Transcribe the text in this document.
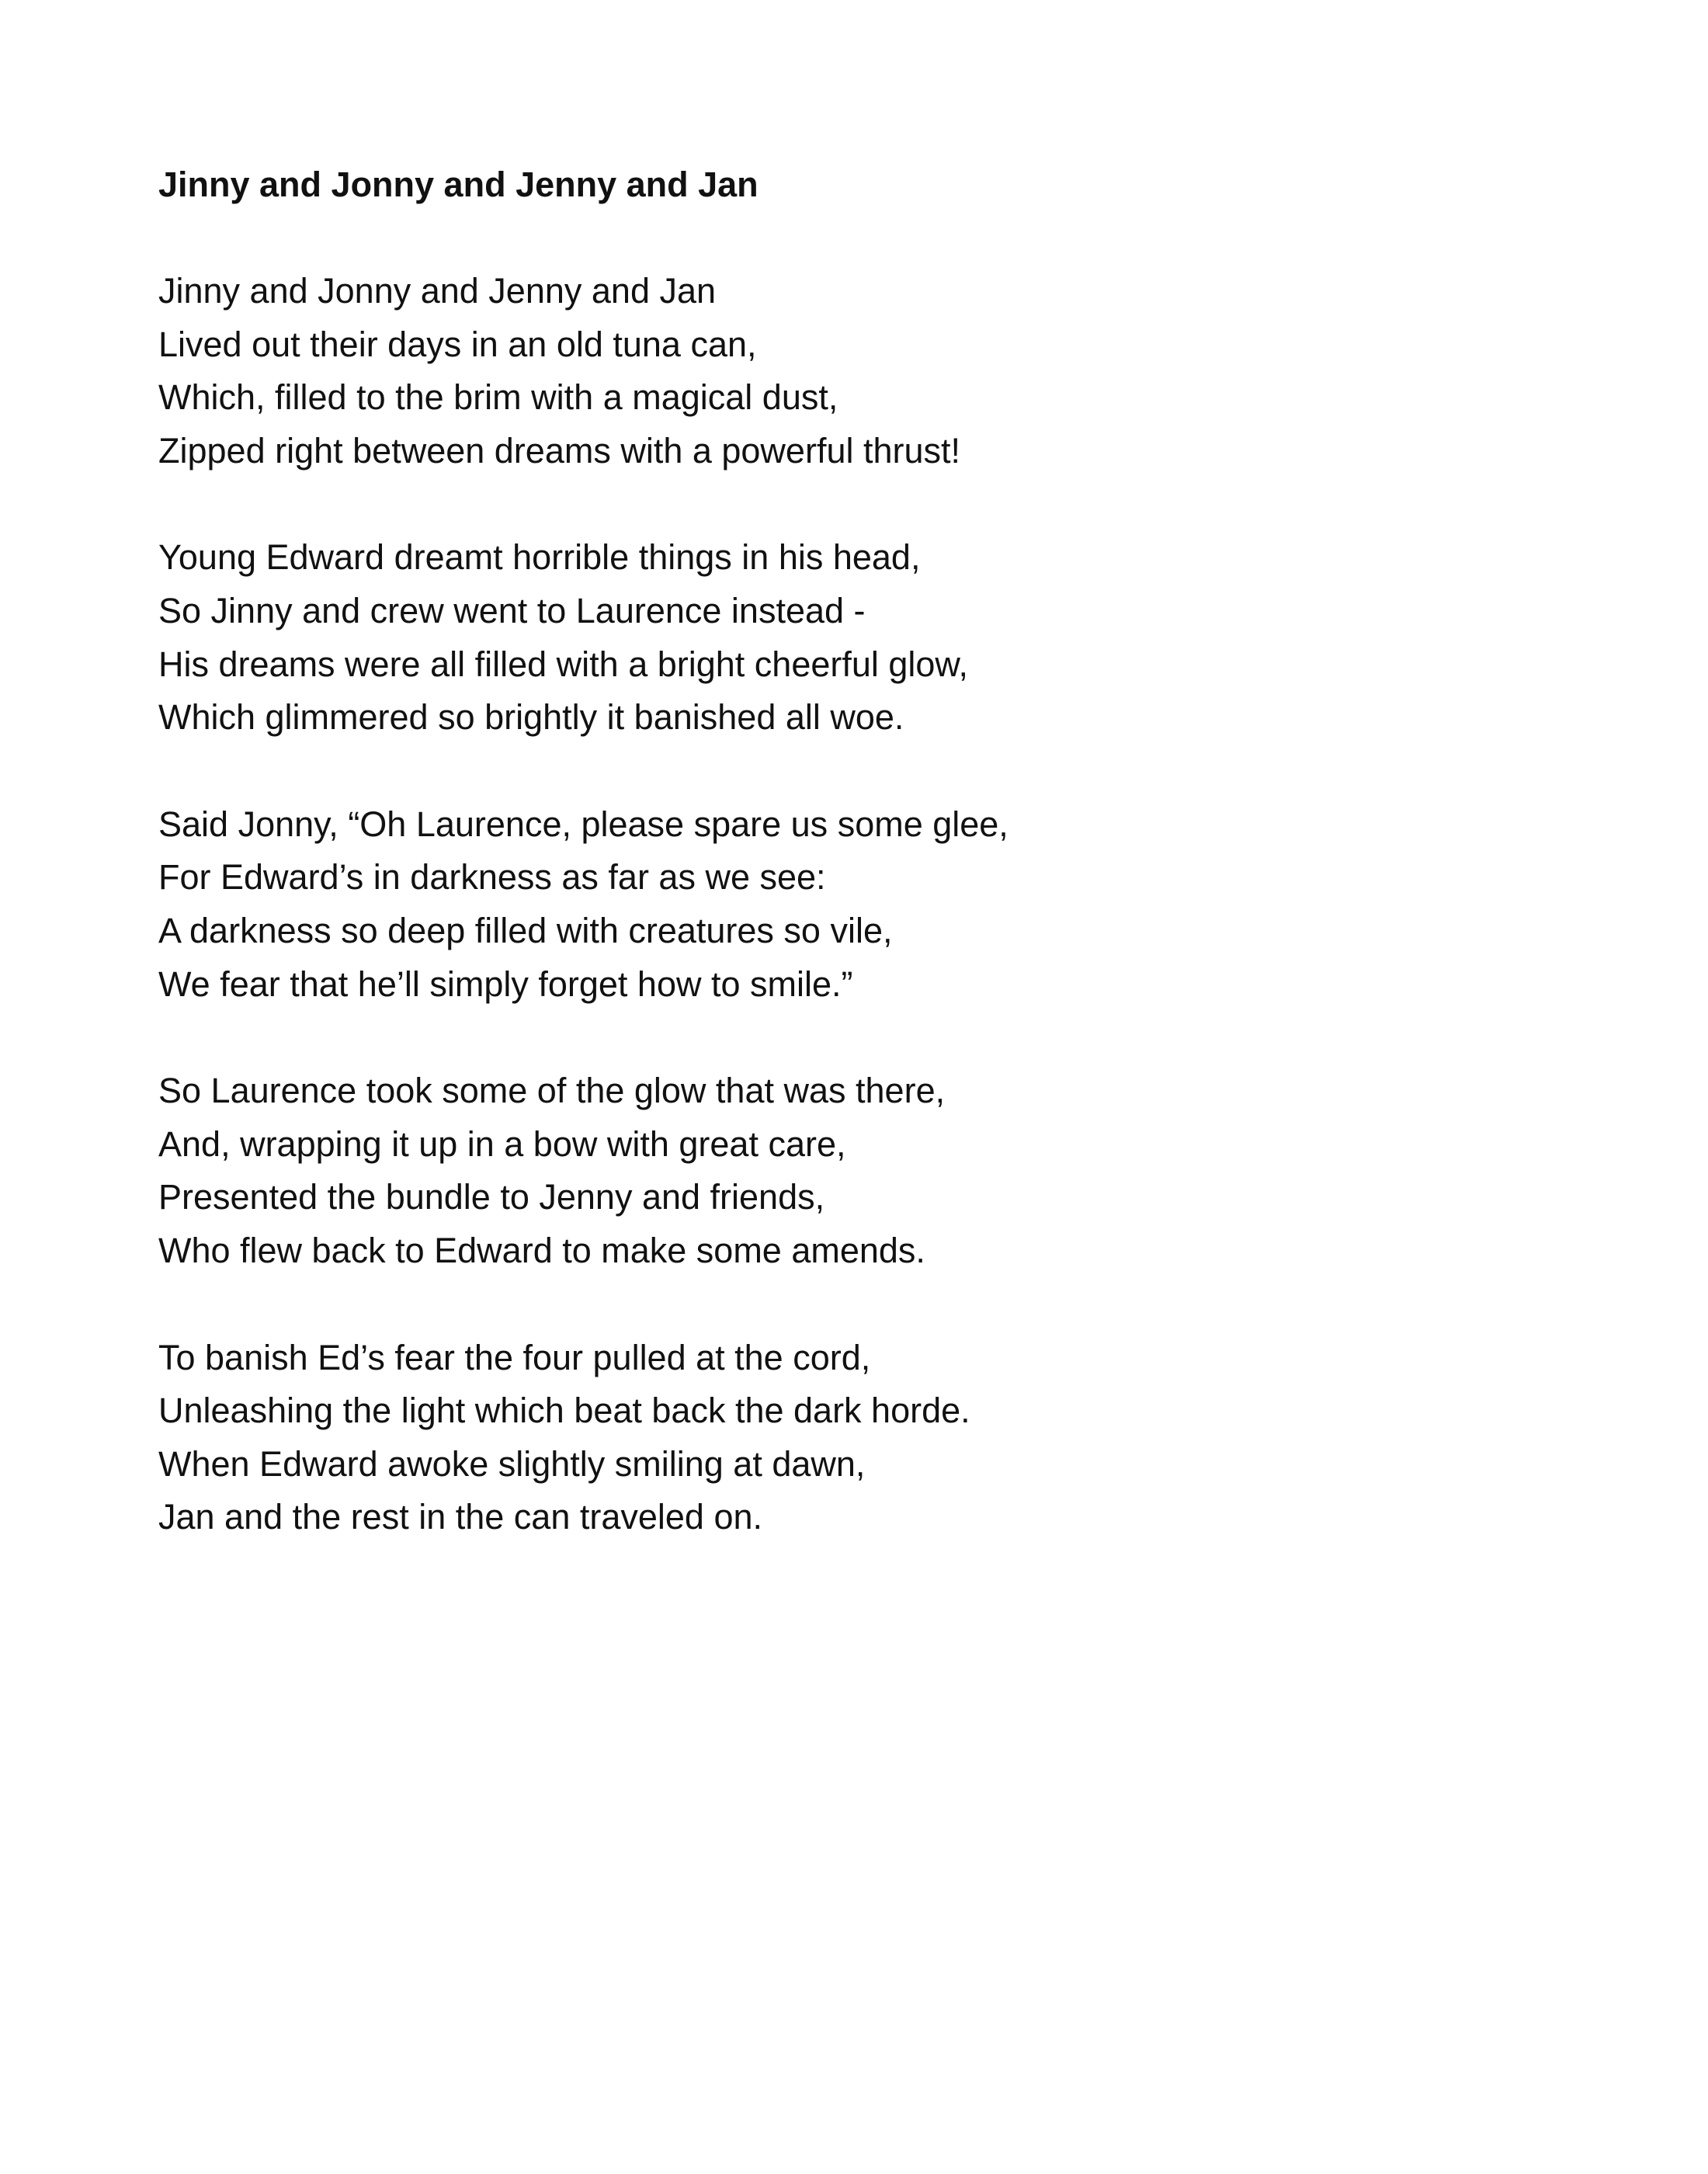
Jinny and Jonny and Jenny and Jan
Jinny and Jonny and Jenny and Jan
Lived out their days in an old tuna can,
Which, filled to the brim with a magical dust,
Zipped right between dreams with a powerful thrust!
Young Edward dreamt horrible things in his head,
So Jinny and crew went to Laurence instead -
His dreams were all filled with a bright cheerful glow,
Which glimmered so brightly it banished all woe.
Said Jonny, “Oh Laurence, please spare us some glee,
For Edward’s in darkness as far as we see:
A darkness so deep filled with creatures so vile,
We fear that he’ll simply forget how to smile.”
So Laurence took some of the glow that was there,
And, wrapping it up in a bow with great care,
Presented the bundle to Jenny and friends,
Who flew back to Edward to make some amends.
To banish Ed’s fear the four pulled at the cord,
Unleashing the light which beat back the dark horde.
When Edward awoke slightly smiling at dawn,
Jan and the rest in the can traveled on.
